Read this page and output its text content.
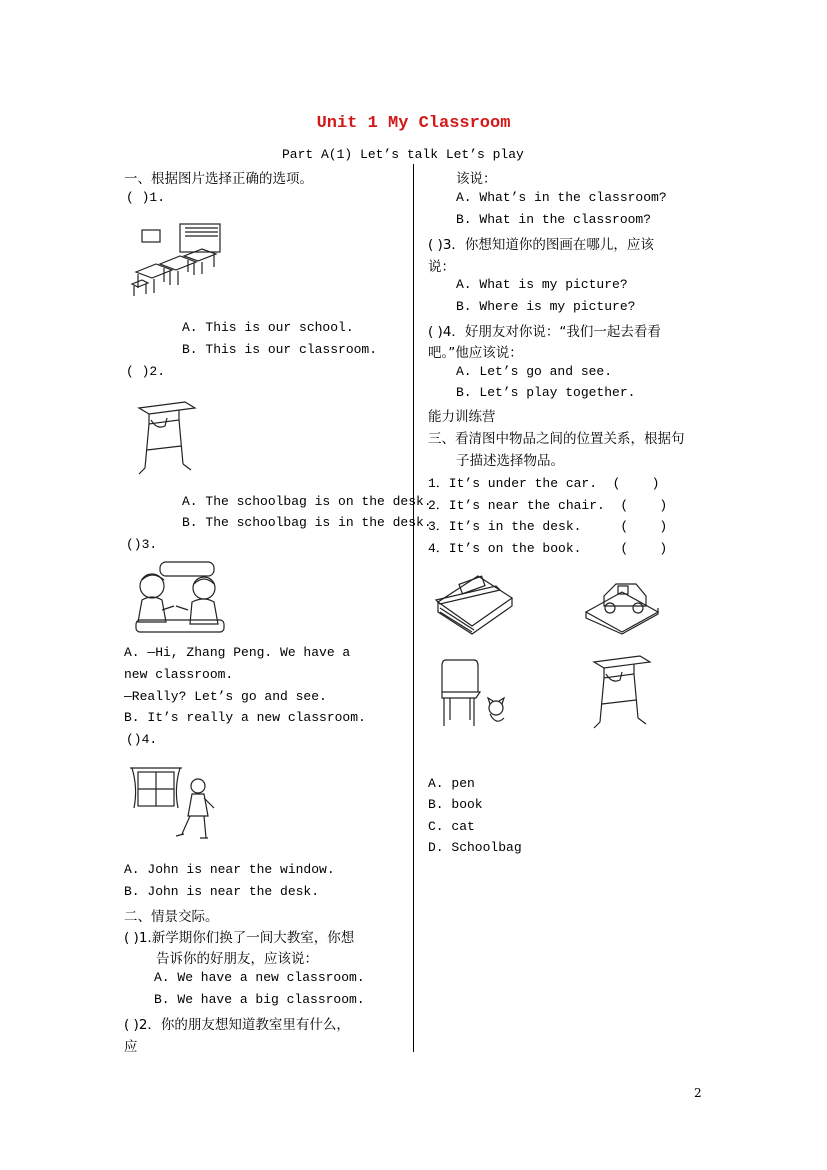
Unit 1 My Classroom
Part A(1) Let’s talk Let’s play
一、根据图片选择正确的选项。
( )1.
A. This is our school.
B. This is our classroom.
( )2.
A. The schoolbag is on the desk.
B. The schoolbag is in the desk.
()3.
A. —Hi, Zhang Peng. We have a
new classroom.
—Really? Let’s go and see.
B. It’s really a new classroom.
()4.
A. John is near the window.
B. John is near the desk.
二、情景交际。
( )1.新学期你们换了一间大教室，你想
告诉你的好朋友，应该说：
A. We have a new classroom.
B. We have a big classroom.
( )2．你的朋友想知道教室里有什么，
应
该说：
A. What’s in the classroom?
B. What in the classroom?
( )3．你想知道你的图画在哪儿，应该
说：
A. What is my picture?
B. Where is my picture?
( )4．好朋友对你说：“我们一起去看看
吧。”他应该说：
A. Let’s go and see.
B. Let’s play together.
能力训练营
三、看清图中物品之间的位置关系，根据句
子描述选择物品。
1．It’s under the car.  (    )
2．It’s near the chair.  (    )
3．It’s in the desk.     (    )
4．It’s on the book.     (    )
A. pen
B. book
C. cat
D. Schoolbag
2
